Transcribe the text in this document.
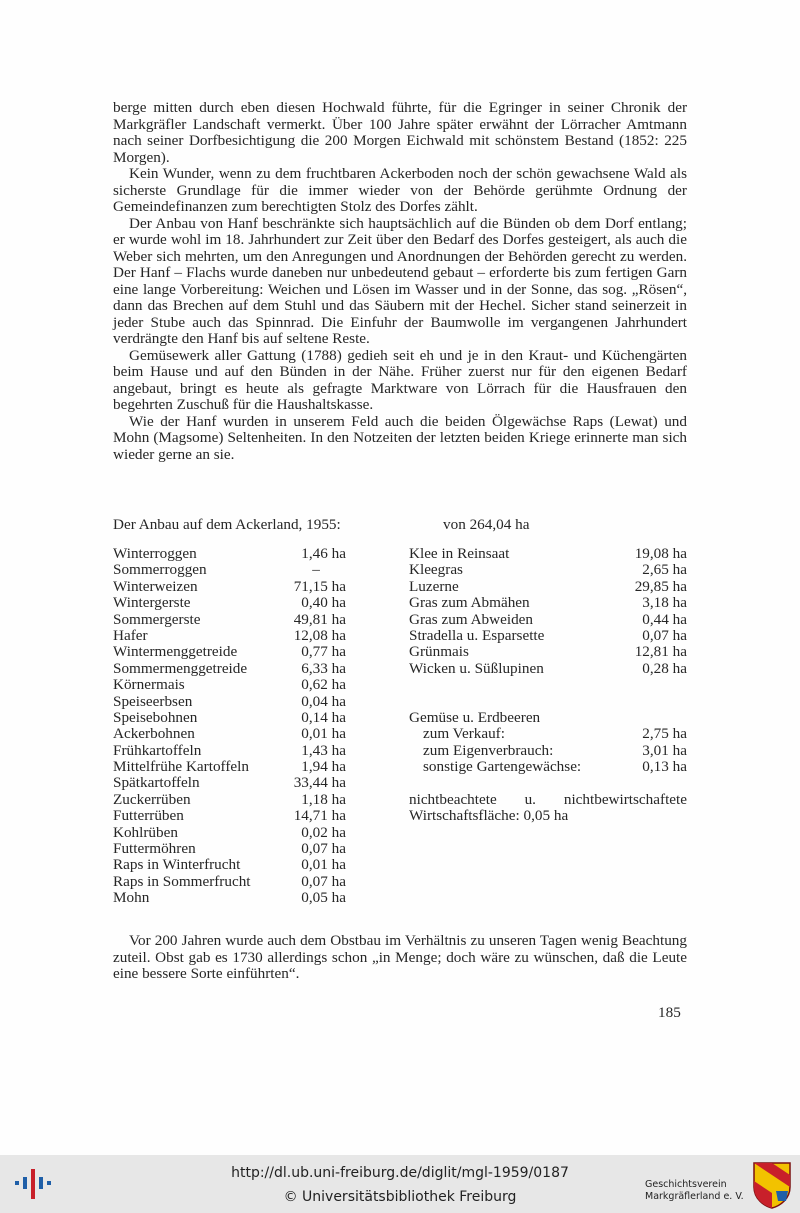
berge mitten durch eben diesen Hochwald führte, für die Egringer in seiner Chronik der Markgräfler Landschaft vermerkt. Über 100 Jahre später erwähnt der Lörracher Amtmann nach seiner Dorfbesichtigung die 200 Morgen Eichwald mit schönstem Bestand (1852: 225 Morgen).

Kein Wunder, wenn zu dem fruchtbaren Ackerboden noch der schön gewachsene Wald als sicherste Grundlage für die immer wieder von der Behörde gerühmte Ordnung der Gemeindefinanzen zum berechtigten Stolz des Dorfes zählt.

Der Anbau von Hanf beschränkte sich hauptsächlich auf die Bünden ob dem Dorf entlang; er wurde wohl im 18. Jahrhundert zur Zeit über den Bedarf des Dorfes gesteigert, als auch die Weber sich mehrten, um den Anregungen und Anordnungen der Behörden gerecht zu werden. Der Hanf – Flachs wurde daneben nur unbedeutend gebaut – erforderte bis zum fertigen Garn eine lange Vorbereitung: Weichen und Lösen im Wasser und in der Sonne, das sog. „Rösen“, dann das Brechen auf dem Stuhl und das Säubern mit der Hechel. Sicher stand seinerzeit in jeder Stube auch das Spinnrad. Die Einfuhr der Baumwolle im vergangenen Jahrhundert verdrängte den Hanf bis auf seltene Reste.

Gemüsewerk aller Gattung (1788) gedieh seit eh und je in den Kraut- und Küchengärten beim Hause und auf den Bünden in der Nähe. Früher zuerst nur für den eigenen Bedarf angebaut, bringt es heute als gefragte Marktware von Lörrach für die Hausfrauen den begehrten Zuschuß für die Haushaltskasse.

Wie der Hanf wurden in unserem Feld auch die beiden Ölgewächse Raps (Lewat) und Mohn (Magsome) Seltenheiten. In den Notzeiten der letzten beiden Kriege erinnerte man sich wieder gerne an sie.

Der Anbau auf dem Ackerland, 1955:	von 264,04 ha
Winterroggen	1,46 ha
Sommerroggen	–
Winterweizen	71,15 ha
Wintergerste	0,40 ha
Sommergerste	49,81 ha
Hafer	12,08 ha
Wintermenggetreide	0,77 ha
Sommermenggetreide	6,33 ha
Körnermais	0,62 ha
Speiseerbsen	0,04 ha
Speisebohnen	0,14 ha
Ackerbohnen	0,01 ha
Frühkartoffeln	1,43 ha
Mittelfrühe Kartoffeln	1,94 ha
Spätkartoffeln	33,44 ha
Zuckerrüben	1,18 ha
Futterrüben	14,71 ha
Kohlrüben	0,02 ha
Futtermöhren	0,07 ha
Raps in Winterfrucht	0,01 ha
Raps in Sommerfrucht	0,07 ha
Mohn	0,05 ha
Klee in Reinsaat	19,08 ha
Kleegras	2,65 ha
Luzerne	29,85 ha
Gras zum Abmähen	3,18 ha
Gras zum Abweiden	0,44 ha
Stradella u. Esparsette	0,07 ha
Grünmais	12,81 ha
Wicken u. Süßlupinen	0,28 ha
Gemüse u. Erdbeeren
zum Verkauf:	2,75 ha
zum Eigenverbrauch:	3,01 ha
sonstige Gartengewächse:	0,13 ha
nichtbeachtete u. nichtbewirtschaftete
Wirtschaftsfläche: 0,05 ha

Vor 200 Jahren wurde auch dem Obstbau im Verhältnis zu unseren Tagen wenig Beachtung zuteil. Obst gab es 1730 allerdings schon „in Menge; doch wäre zu wünschen, daß die Leute eine bessere Sorte einführten“.

185
http://dl.ub.uni-freiburg.de/diglit/mgl-1959/0187
© Universitätsbibliothek Freiburg
Geschichtsverein
Markgräflerland e. V.
